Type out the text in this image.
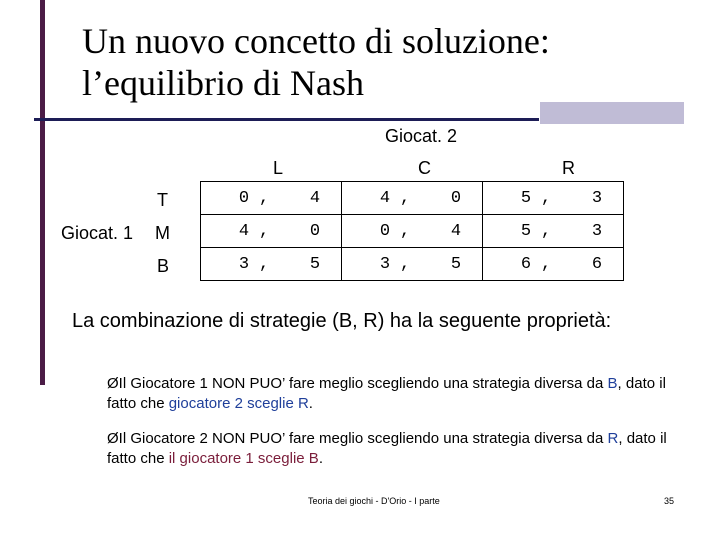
Un nuovo concetto di soluzione:
l’equilibrio di Nash
Giocat. 2
L	C	R
Giocat. 1
T
M
B
0 , 4	4 , 0	5 , 3

4 , 0	0 , 4	5 , 3

3 , 5	3 , 5	6 , 6
La combinazione di strategie (B, R) ha la seguente proprietà:
ØIl Giocatore 1 NON PUO’ fare meglio scegliendo una strategia diversa da B, dato il fatto che giocatore 2 sceglie R.
ØIl Giocatore 2 NON PUO’ fare meglio scegliendo una strategia diversa da R, dato il fatto che il giocatore 1 sceglie B.
Teoria dei giochi - D'Orio - I parte	35
